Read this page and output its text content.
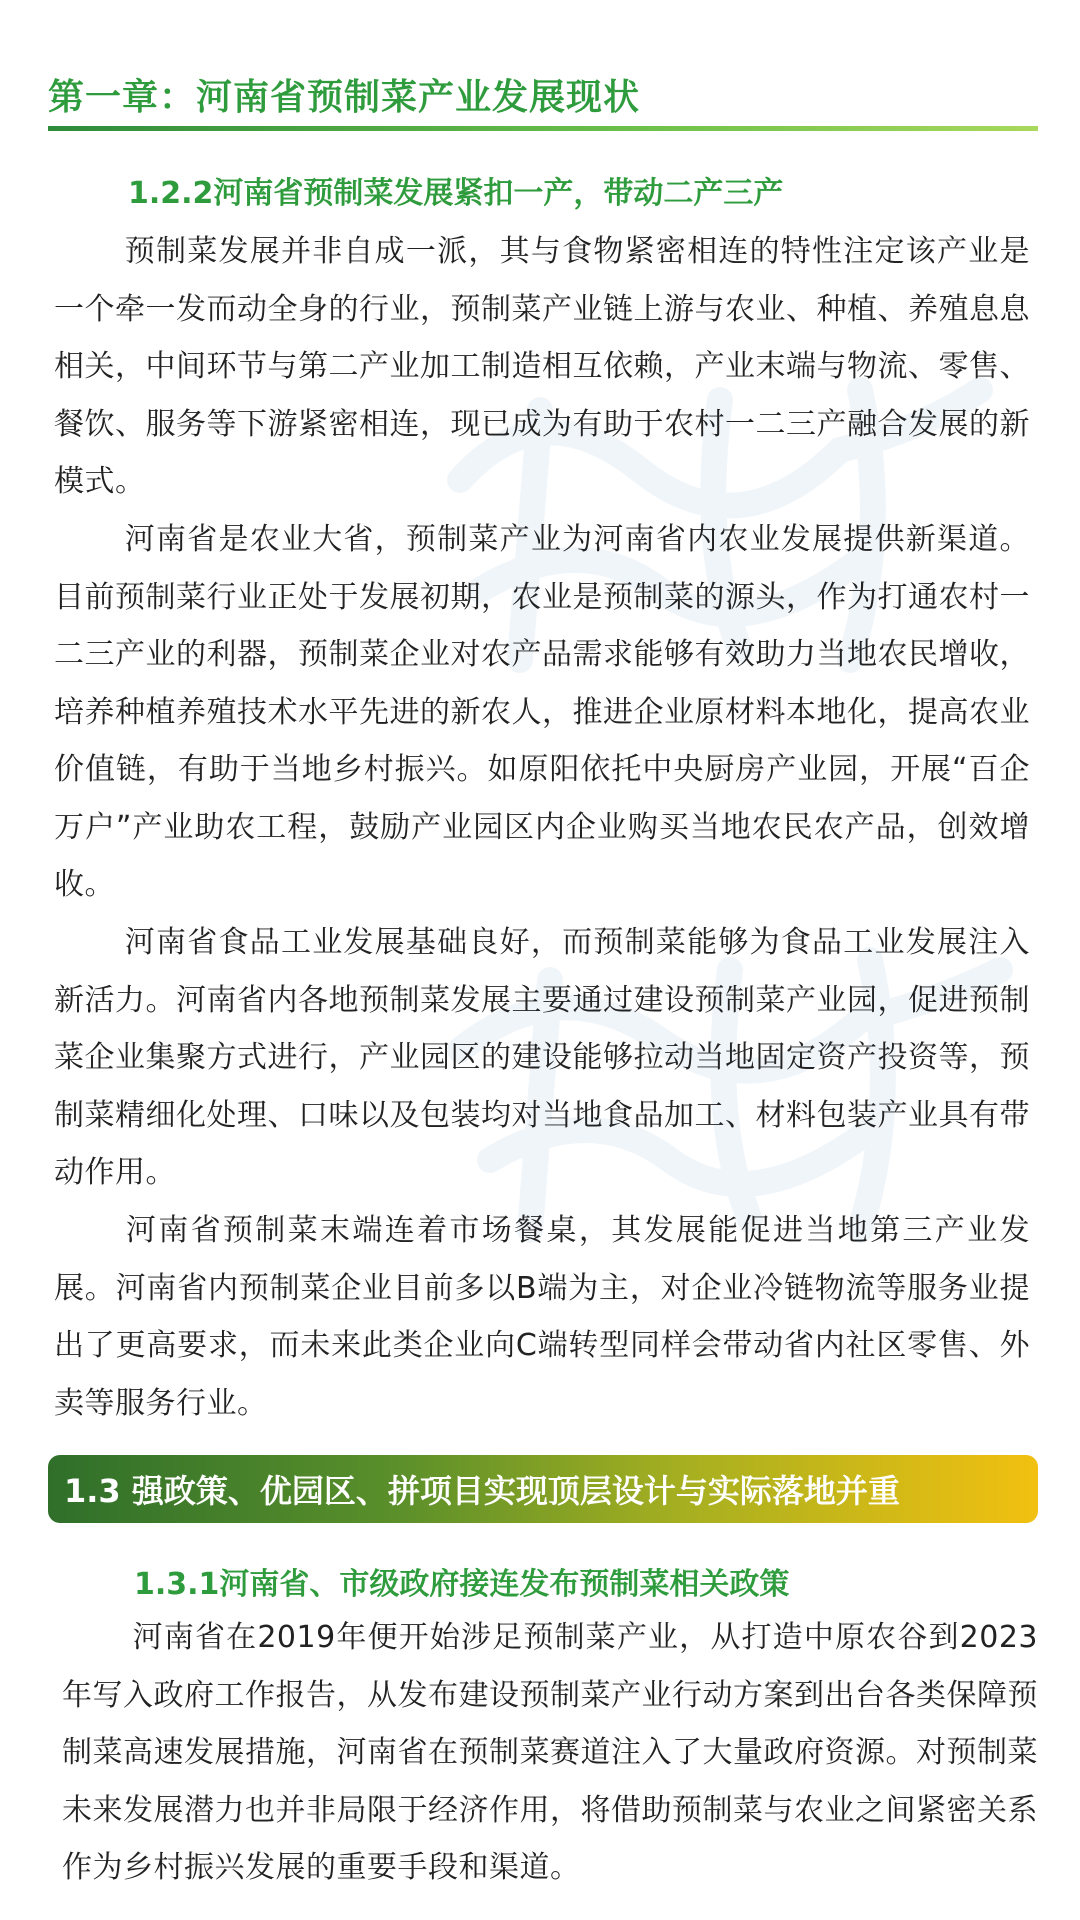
第一章：河南省预制菜产业发展现状
1.2.2河南省预制菜发展紧扣一产，带动二产三产

预制菜发展并非自成一派，其与食物紧密相连的特性注定该产业是一个牵一发而动全身的行业，预制菜产业链上游与农业、种植、养殖息息相关，中间环节与第二产业加工制造相互依赖，产业末端与物流、零售、餐饮、服务等下游紧密相连，现已成为有助于农村一二三产融合发展的新模式。

河南省是农业大省，预制菜产业为河南省内农业发展提供新渠道。目前预制菜行业正处于发展初期，农业是预制菜的源头，作为打通农村一二三产业的利器，预制菜企业对农产品需求能够有效助力当地农民增收，培养种植养殖技术水平先进的新农人，推进企业原材料本地化，提高农业价值链，有助于当地乡村振兴。如原阳依托中央厨房产业园，开展“百企万户”产业助农工程，鼓励产业园区内企业购买当地农民农产品，创效增收。

河南省食品工业发展基础良好，而预制菜能够为食品工业发展注入新活力。河南省内各地预制菜发展主要通过建设预制菜产业园，促进预制菜企业集聚方式进行，产业园区的建设能够拉动当地固定资产投资等，预制菜精细化处理、口味以及包装均对当地食品加工、材料包装产业具有带动作用。

河南省预制菜末端连着市场餐桌，其发展能促进当地第三产业发展。河南省内预制菜企业目前多以B端为主，对企业冷链物流等服务业提出了更高要求，而未来此类企业向C端转型同样会带动省内社区零售、外卖等服务行业。

1.3 强政策、优园区、拼项目实现顶层设计与实际落地并重
1.3.1河南省、市级政府接连发布预制菜相关政策

河南省在2019年便开始涉足预制菜产业，从打造中原农谷到2023年写入政府工作报告，从发布建设预制菜产业行动方案到出台各类保障预制菜高速发展措施，河南省在预制菜赛道注入了大量政府资源。对预制菜未来发展潜力也并非局限于经济作用，将借助预制菜与农业之间紧密关系作为乡村振兴发展的重要手段和渠道。
